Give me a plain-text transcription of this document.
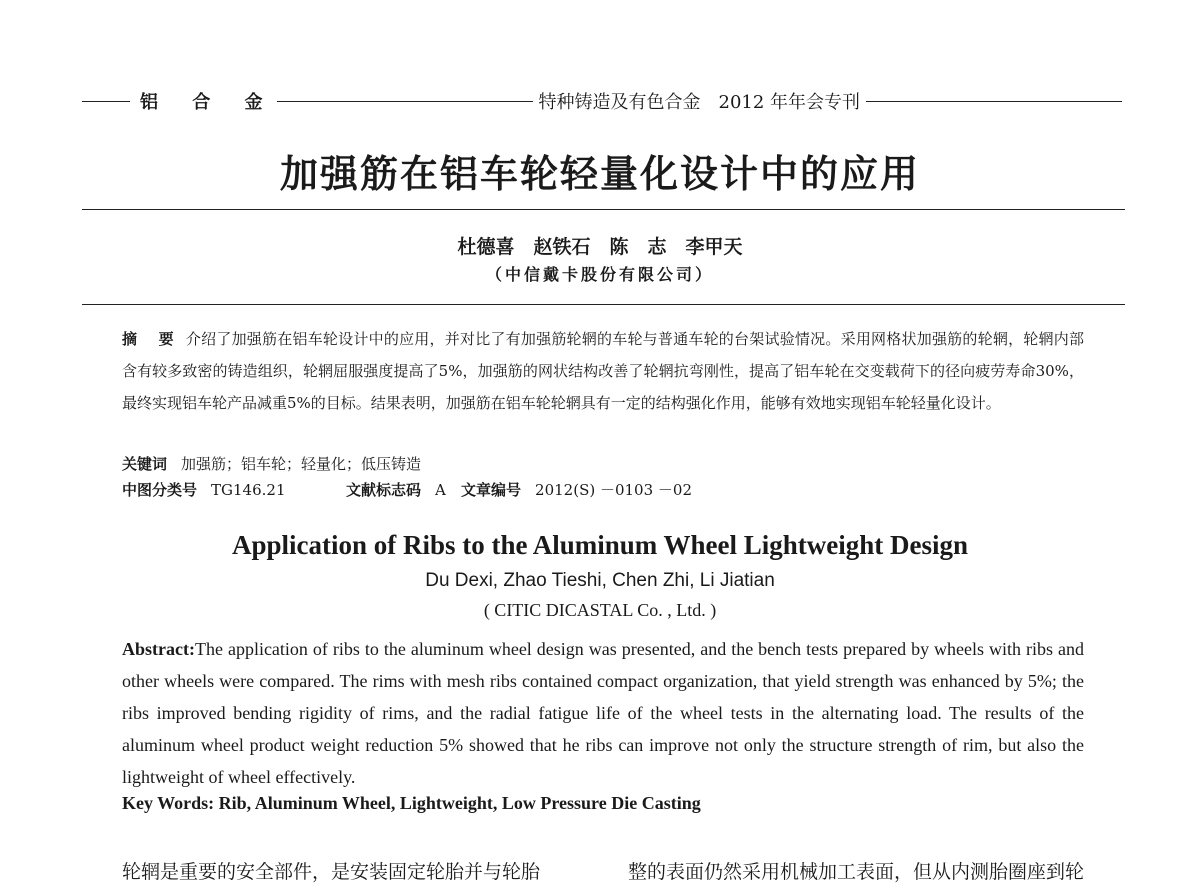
铝 合 金	特种铸造及有色合金　2012 年年会专刊
加强筋在铝车轮轻量化设计中的应用
杜德喜　赵铁石　陈　志　李甲天
（中信戴卡股份有限公司）
摘 要 介绍了加强筋在铝车轮设计中的应用，并对比了有加强筋轮辋的车轮与普通车轮的台架试验情况。采用网格状加强筋的轮辋，轮辋内部含有较多致密的铸造组织，轮辋屈服强度提高了5%，加强筋的网状结构改善了轮辋抗弯刚性，提高了铝车轮在交变载荷下的径向疲劳寿命30%，最终实现铝车轮产品减重5%的目标。结果表明，加强筋在铝车轮轮辋具有一定的结构强化作用，能够有效地实现铝车轮轻量化设计。
关键词 加强筋；铝车轮；轻量化；低压铸造
中图分类号 TG146.21	文献标志码 A 文章编号 2012(S) －0103 －02
Application of Ribs to the Aluminum Wheel Lightweight Design
Du Dexi, Zhao Tieshi, Chen Zhi, Li Jiatian
( CITIC DICASTAL Co. , Ltd. )
Abstract:The application of ribs to the aluminum wheel design was presented, and the bench tests prepared by wheels with ribs and other wheels were compared. The rims with mesh ribs contained compact organization, that yield strength was enhanced by 5%; the ribs improved bending rigidity of rims, and the radial fatigue life of the wheel tests in the alternating load. The results of the aluminum wheel product weight reduction 5% showed that he ribs can improve not only the structure strength of rim, but also the lightweight of wheel effectively.
Key Words: Rib, Aluminum Wheel, Lightweight, Low Pressure Die Casting
轮辋是重要的安全部件，是安装固定轮胎并与轮胎	整的表面仍然采用机械加工表面，但从内测胎圈座到轮
